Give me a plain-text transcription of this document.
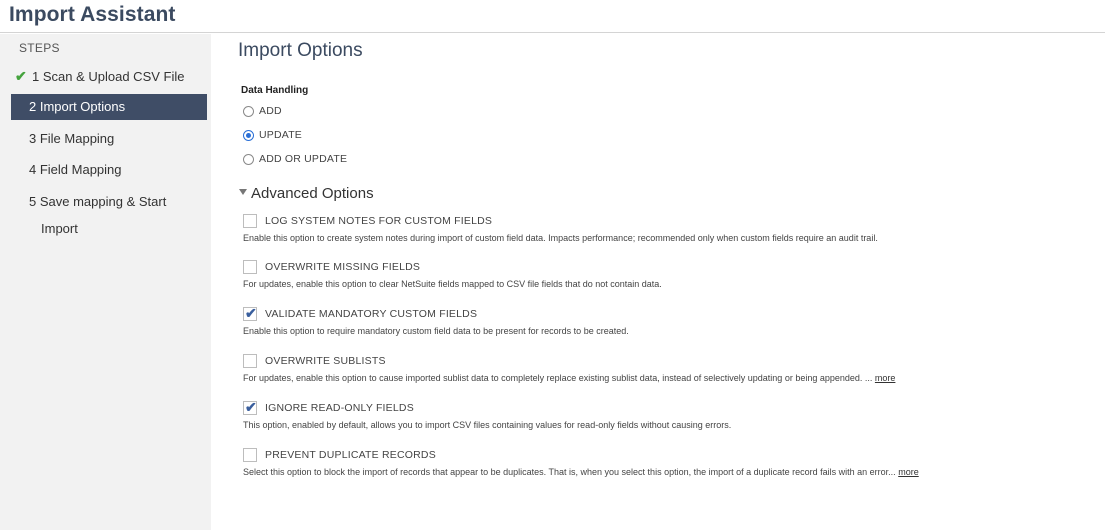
Import Assistant
STEPS
✔ 1 Scan & Upload CSV File
2 Import Options
3 File Mapping
4 Field Mapping
5 Save mapping & Start
Import
Import Options
Data Handling
ADD
UPDATE
ADD OR UPDATE
Advanced Options
LOG SYSTEM NOTES FOR CUSTOM FIELDS
Enable this option to create system notes during import of custom field data. Impacts performance; recommended only when custom fields require an audit trail.
OVERWRITE MISSING FIELDS
For updates, enable this option to clear NetSuite fields mapped to CSV file fields that do not contain data.
✔ VALIDATE MANDATORY CUSTOM FIELDS
Enable this option to require mandatory custom field data to be present for records to be created.
OVERWRITE SUBLISTS
For updates, enable this option to cause imported sublist data to completely replace existing sublist data, instead of selectively updating or being appended. ... more
✔ IGNORE READ-ONLY FIELDS
This option, enabled by default, allows you to import CSV files containing values for read-only fields without causing errors.
PREVENT DUPLICATE RECORDS
Select this option to block the import of records that appear to be duplicates. That is, when you select this option, the import of a duplicate record fails with an error... more
